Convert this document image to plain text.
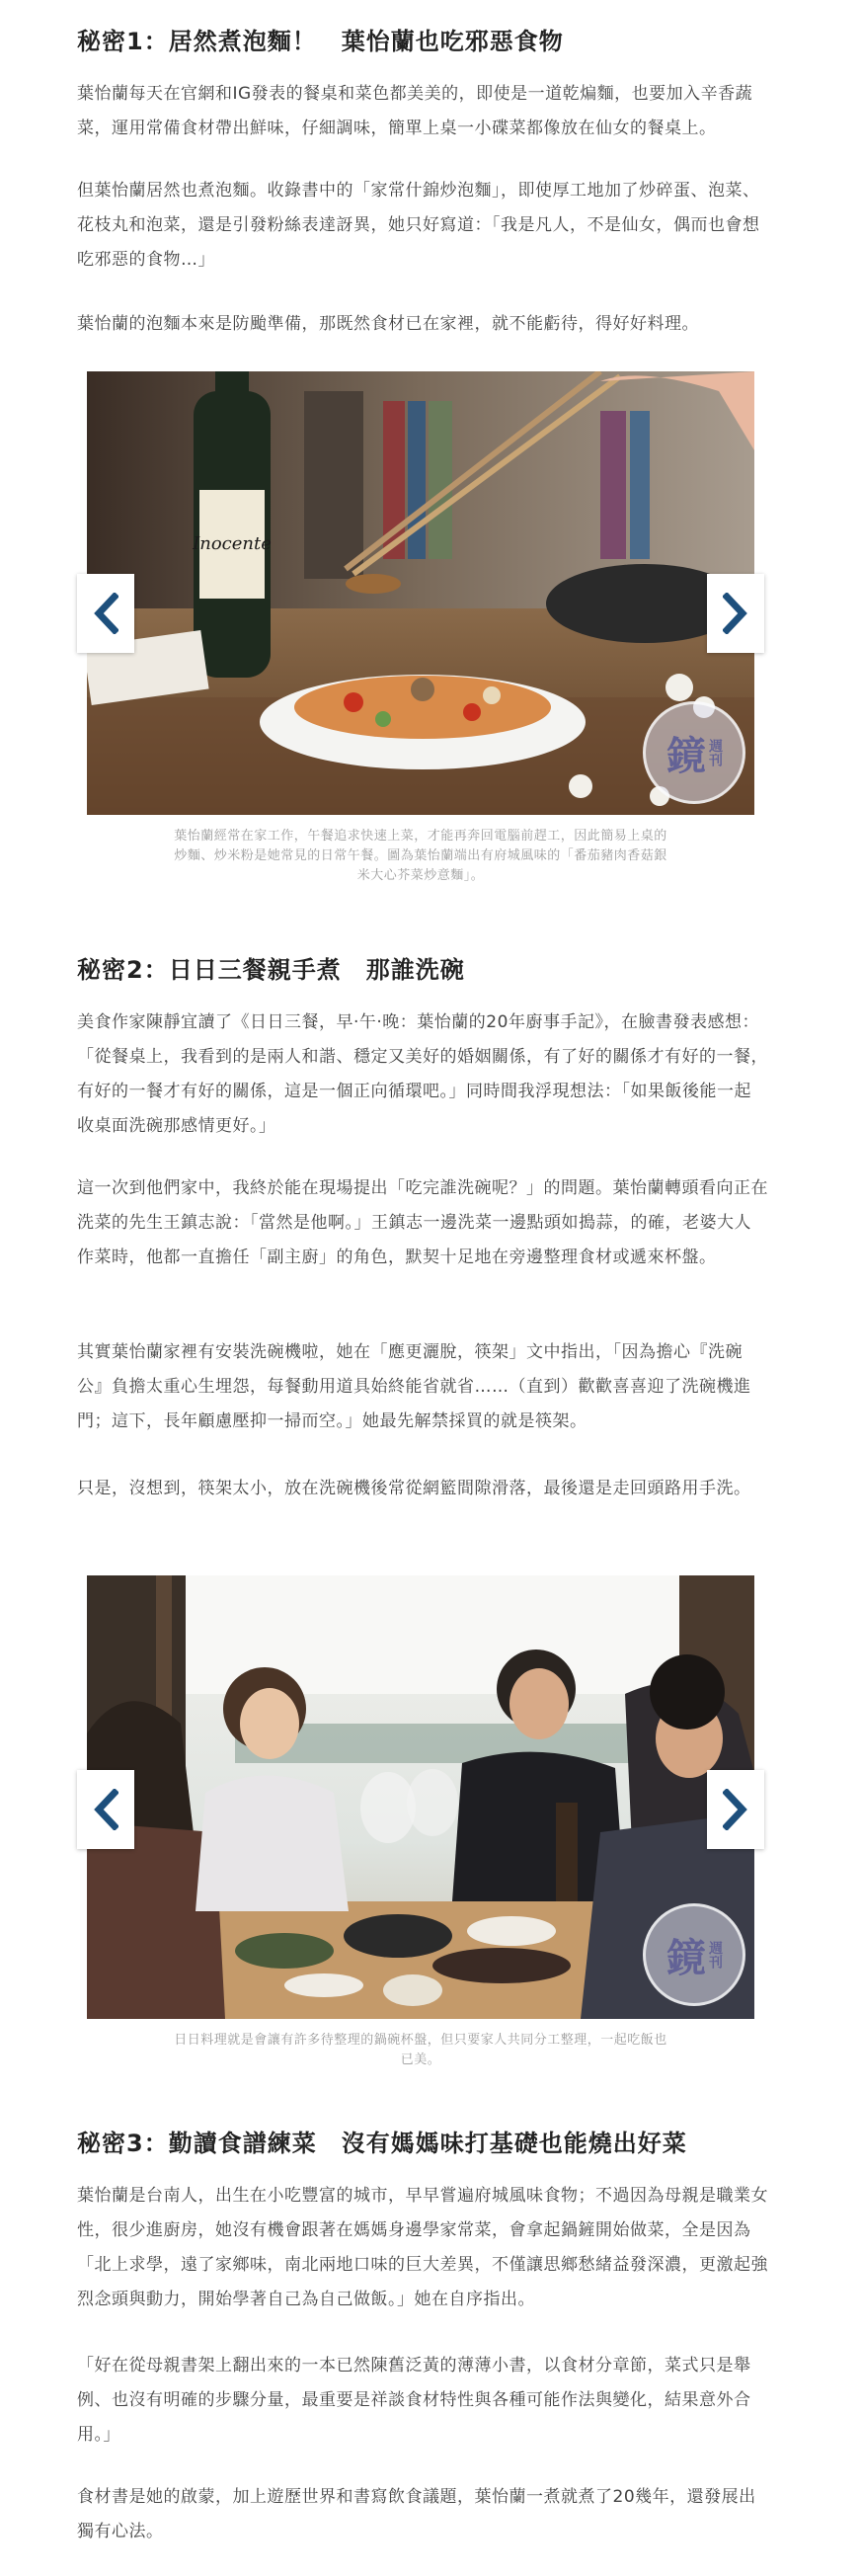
秘密1：居然煮泡麵！　葉怡蘭也吃邪惡食物

葉怡蘭每天在官網和IG發表的餐桌和菜色都美美的，即使是一道乾煸麵，也要加入辛香蔬菜，運用常備食材帶出鮮味，仔細調味，簡單上桌一小碟菜都像放在仙女的餐桌上。

但葉怡蘭居然也煮泡麵。收錄書中的「家常什錦炒泡麵」，即使厚工地加了炒碎蛋、泡菜、花枝丸和泡菜，還是引發粉絲表達訝異，她只好寫道：「我是凡人，不是仙女，偶而也會想吃邪惡的食物…」

葉怡蘭的泡麵本來是防颱準備，那既然食材已在家裡，就不能虧待，得好好料理。

Inocente
鏡 週刊

葉怡蘭經常在家工作，午餐追求快速上菜，才能再奔回電腦前趕工，因此簡易上桌的炒麵、炒米粉是她常見的日常午餐。圖為葉怡蘭端出有府城風味的「番茄豬肉香菇銀米大心芥菜炒意麵」。

秘密2：日日三餐親手煮　那誰洗碗

美食作家陳靜宜讀了《日日三餐，早·午·晚：葉怡蘭的20年廚事手記》，在臉書發表感想：「從餐桌上，我看到的是兩人和諧、穩定又美好的婚姻關係，有了好的關係才有好的一餐，有好的一餐才有好的關係，這是一個正向循環吧。」同時間我浮現想法：「如果飯後能一起收桌面洗碗那感情更好。」

這一次到他們家中，我終於能在現場提出「吃完誰洗碗呢？」的問題。葉怡蘭轉頭看向正在洗菜的先生王鎮志說：「當然是他啊。」王鎮志一邊洗菜一邊點頭如搗蒜，的確，老婆大人作菜時，他都一直擔任「副主廚」的角色，默契十足地在旁邊整理食材或遞來杯盤。

其實葉怡蘭家裡有安裝洗碗機啦，她在「應更灑脫，筷架」文中指出，「因為擔心『洗碗公』負擔太重心生埋怨，每餐動用道具始終能省就省……（直到）歡歡喜喜迎了洗碗機進門；這下，長年顧慮壓抑一掃而空。」她最先解禁採買的就是筷架。

只是，沒想到，筷架太小，放在洗碗機後常從網籃間隙滑落，最後還是走回頭路用手洗。

鏡 週刊

日日料理就是會讓有許多待整理的鍋碗杯盤，但只要家人共同分工整理，一起吃飯也已美。

秘密3：勤讀食譜練菜　沒有媽媽味打基礎也能燒出好菜

葉怡蘭是台南人，出生在小吃豐富的城市，早早嘗遍府城風味食物；不過因為母親是職業女性，很少進廚房，她沒有機會跟著在媽媽身邊學家常菜，會拿起鍋鏟開始做菜，全是因為「北上求學，遠了家鄉味，南北兩地口味的巨大差異，不僅讓思鄉愁緒益發深濃，更激起強烈念頭與動力，開始學著自己為自己做飯。」她在自序指出。

「好在從母親書架上翻出來的一本已然陳舊泛黃的薄薄小書，以食材分章節，菜式只是舉例、也沒有明確的步驟分量，最重要是祥談食材特性與各種可能作法與變化，結果意外合用。」

食材書是她的啟蒙，加上遊歷世界和書寫飲食議題，葉怡蘭一煮就煮了20幾年，還發展出獨有心法。
